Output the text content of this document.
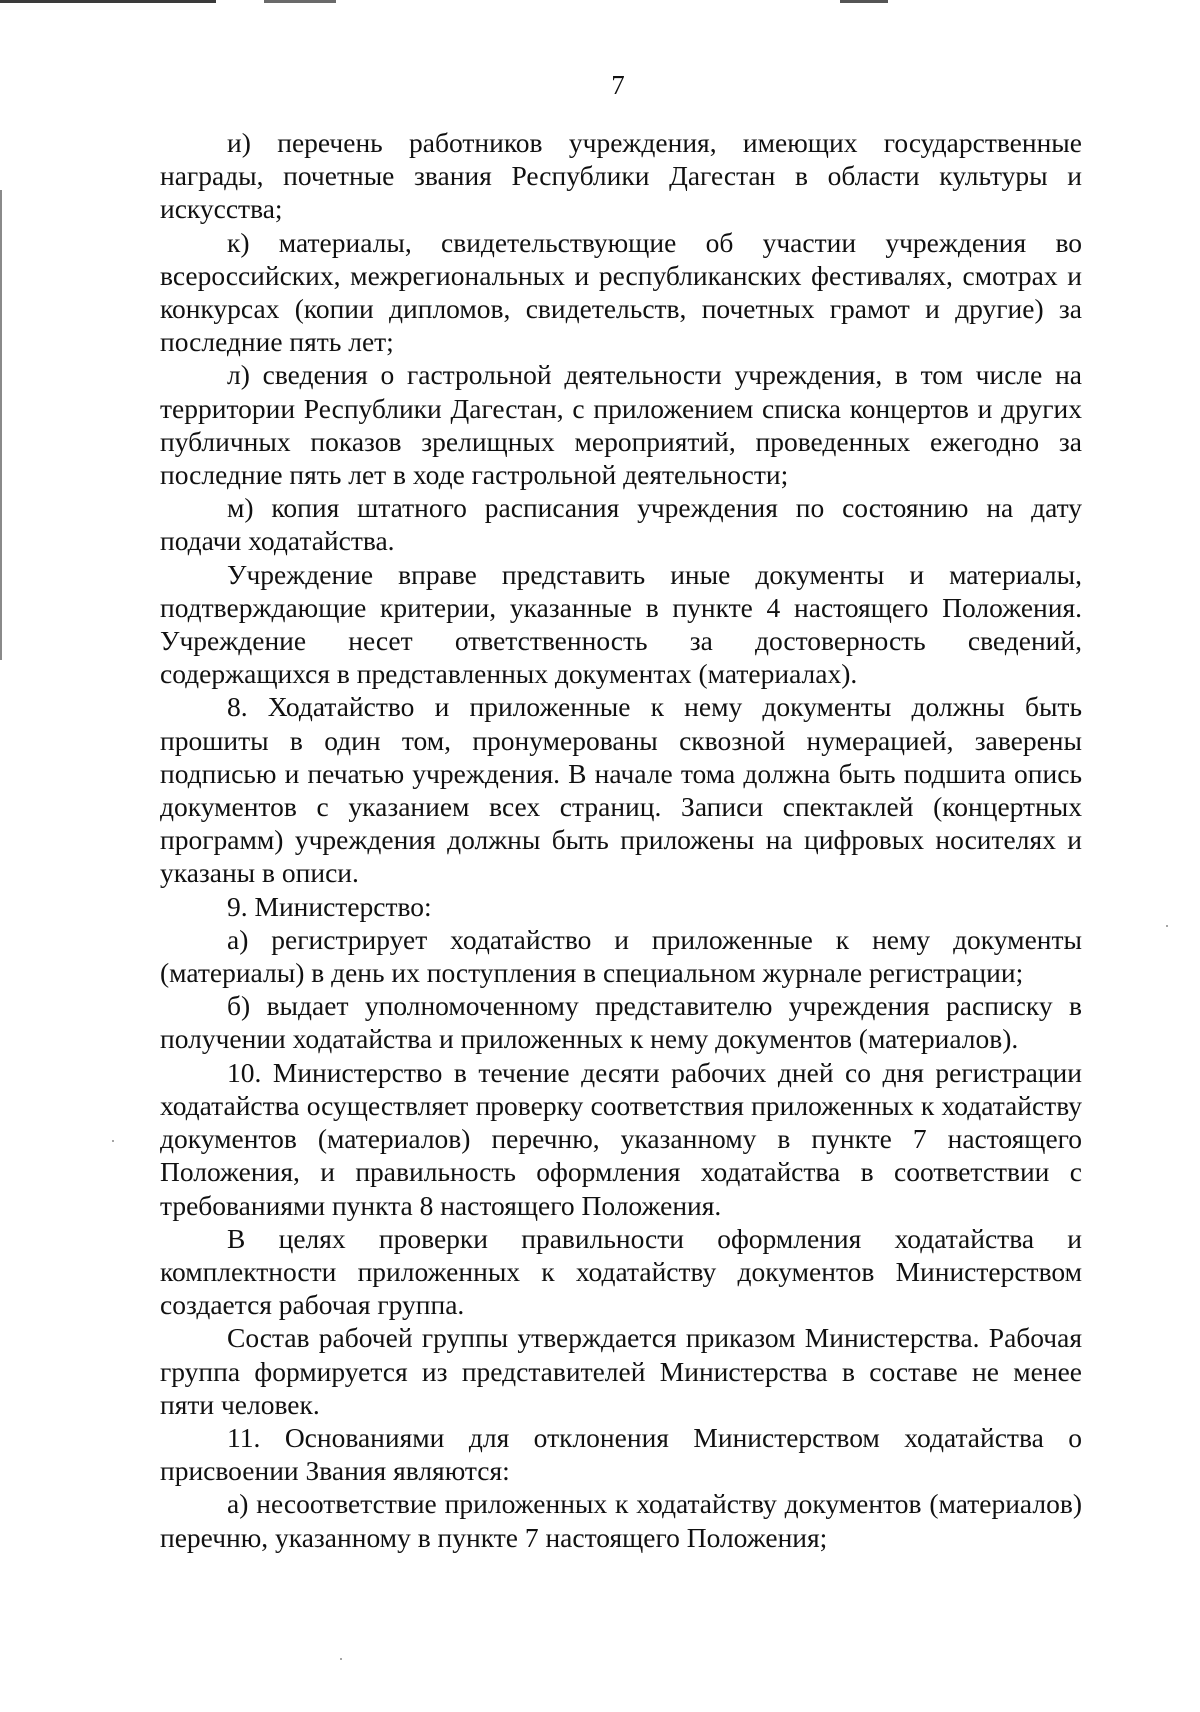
7

и) перечень работников учреждения, имеющих государственные награды, почетные звания Республики Дагестан в области культуры и искусства;

к) материалы, свидетельствующие об участии учреждения во всероссийских, межрегиональных и республиканских фестивалях, смотрах и конкурсах (копии дипломов, свидетельств, почетных грамот и другие) за последние пять лет;

л) сведения о гастрольной деятельности учреждения, в том числе на территории Республики Дагестан, с приложением списка концертов и других публичных показов зрелищных мероприятий, проведенных ежегодно за последние пять лет в ходе гастрольной деятельности;

м) копия штатного расписания учреждения по состоянию на дату подачи ходатайства.

Учреждение вправе представить иные документы и материалы, подтверждающие критерии, указанные в пункте 4 настоящего Положения. Учреждение несет ответственность за достоверность сведений, содержащихся в представленных документах (материалах).

8. Ходатайство и приложенные к нему документы должны быть прошиты в один том, пронумерованы сквозной нумерацией, заверены подписью и печатью учреждения. В начале тома должна быть подшита опись документов с указанием всех страниц. Записи спектаклей (концертных программ) учреждения должны быть приложены на цифровых носителях и указаны в описи.

9. Министерство:

а) регистрирует ходатайство и приложенные к нему документы (материалы) в день их поступления в специальном журнале регистрации;

б) выдает уполномоченному представителю учреждения расписку в получении ходатайства и приложенных к нему документов (материалов).

10. Министерство в течение десяти рабочих дней со дня регистрации ходатайства осуществляет проверку соответствия приложенных к ходатайству документов (материалов) перечню, указанному в пункте 7 настоящего Положения, и правильность оформления ходатайства в соответствии с требованиями пункта 8 настоящего Положения.

В целях проверки правильности оформления ходатайства и комплектности приложенных к ходатайству документов Министерством создается рабочая группа.

Состав рабочей группы утверждается приказом Министерства. Рабочая группа формируется из представителей Министерства в составе не менее пяти человек.

11. Основаниями для отклонения Министерством ходатайства о присвоении Звания являются:

а) несоответствие приложенных к ходатайству документов (материалов) перечню, указанному в пункте 7 настоящего Положения;
